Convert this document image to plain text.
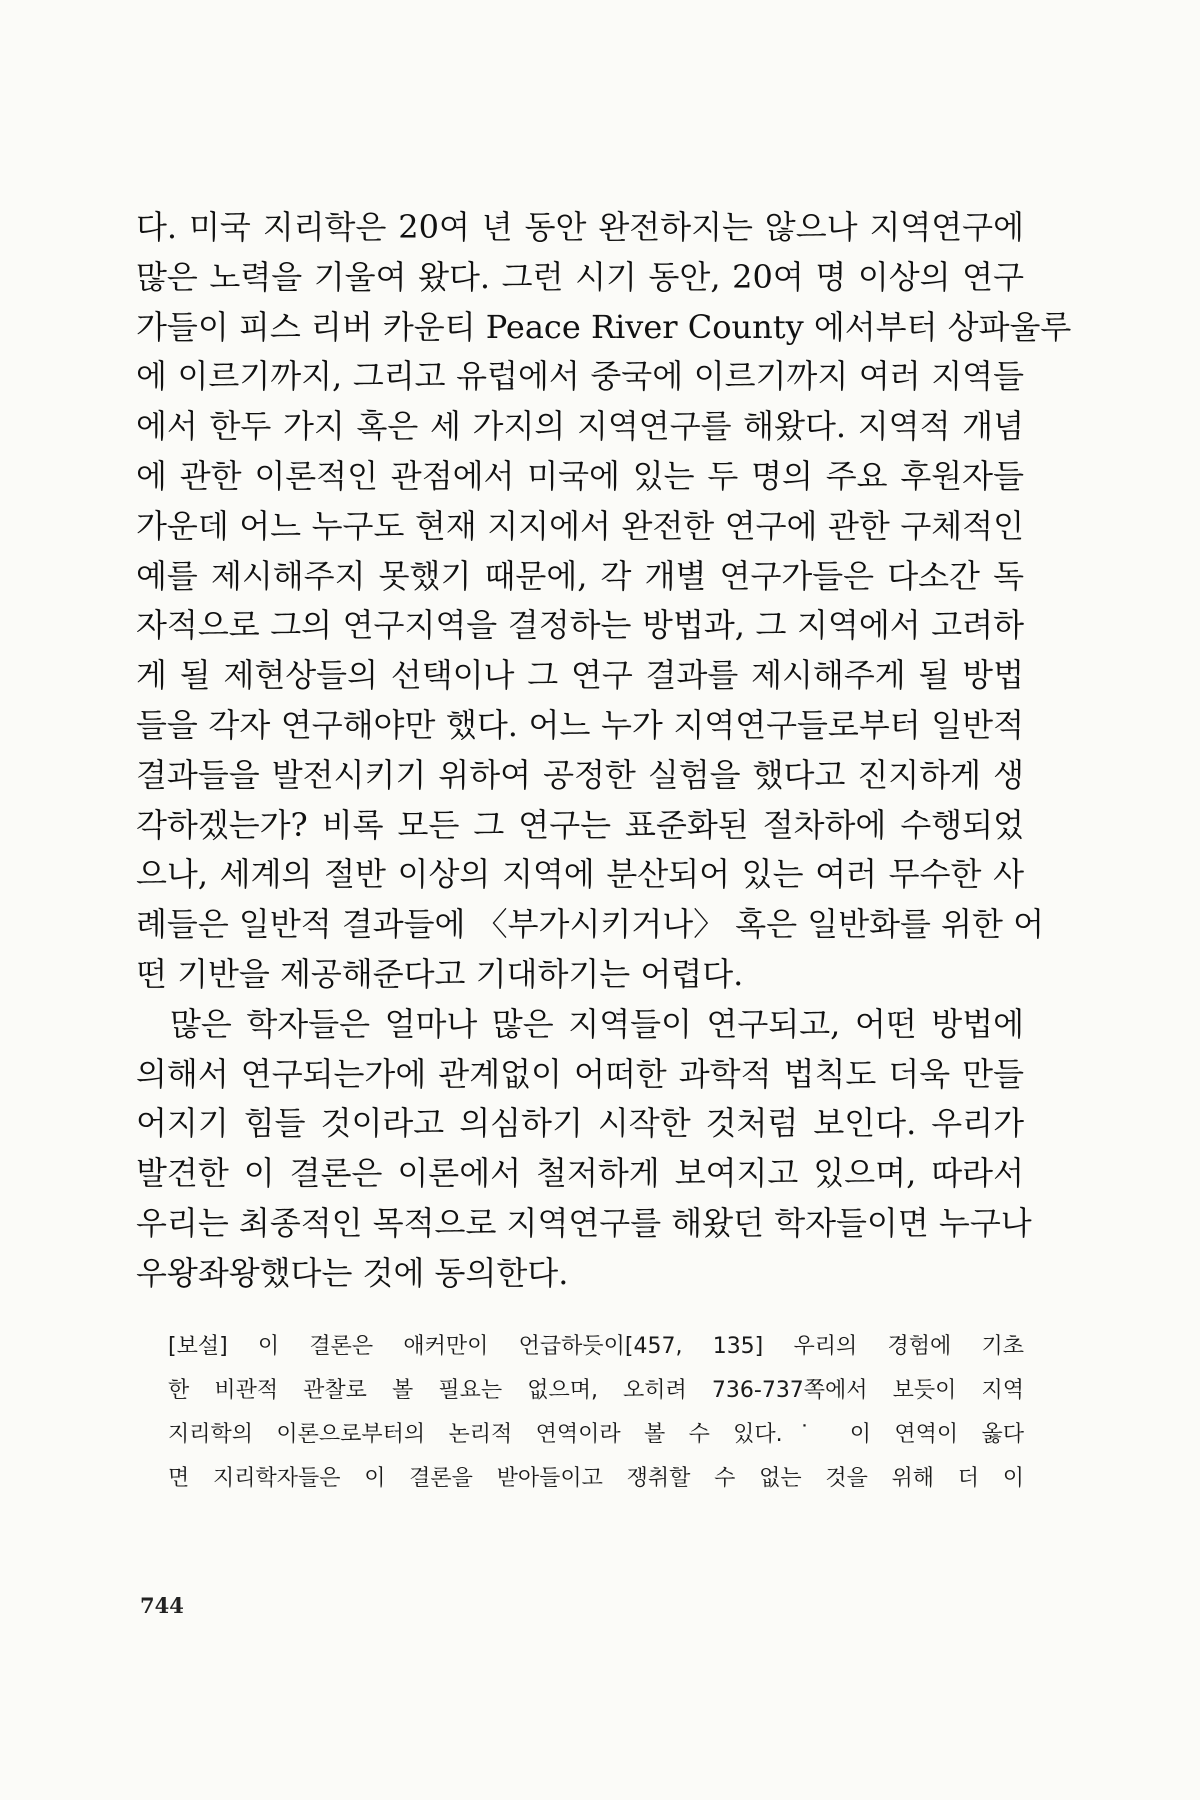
다. 미국 지리학은 20여 년 동안 완전하지는 않으나 지역연구에
많은 노력을 기울여 왔다. 그런 시기 동안, 20여 명 이상의 연구
가들이 피스 리버 카운티 Peace River County 에서부터 상파울루
에 이르기까지, 그리고 유럽에서 중국에 이르기까지 여러 지역들
에서 한두 가지 혹은 세 가지의 지역연구를 해왔다. 지역적 개념
에 관한 이론적인 관점에서 미국에 있는 두 명의 주요 후원자들
가운데 어느 누구도 현재 지지에서 완전한 연구에 관한 구체적인
예를 제시해주지 못했기 때문에, 각 개별 연구가들은 다소간 독
자적으로 그의 연구지역을 결정하는 방법과, 그 지역에서 고려하
게 될 제현상들의 선택이나 그 연구 결과를 제시해주게 될 방법
들을 각자 연구해야만 했다. 어느 누가 지역연구들로부터 일반적
결과들을 발전시키기 위하여 공정한 실험을 했다고 진지하게 생
각하겠는가? 비록 모든 그 연구는 표준화된 절차하에 수행되었
으나, 세계의 절반 이상의 지역에 분산되어 있는 여러 무수한 사
례들은 일반적 결과들에 〈부가시키거나〉 혹은 일반화를 위한 어
떤 기반을 제공해준다고 기대하기는 어렵다.
많은 학자들은 얼마나 많은 지역들이 연구되고, 어떤 방법에
의해서 연구되는가에 관계없이 어떠한 과학적 법칙도 더욱 만들
어지기 힘들 것이라고 의심하기 시작한 것처럼 보인다. 우리가
발견한 이 결론은 이론에서 철저하게 보여지고 있으며, 따라서
우리는 최종적인 목적으로 지역연구를 해왔던 학자들이면 누구나
우왕좌왕했다는 것에 동의한다.
[보설] 이 결론은 애커만이 언급하듯이[457, 135] 우리의 경험에 기초
한 비관적 관찰로 볼 필요는 없으며, 오히려 736-737쪽에서 보듯이 지역
지리학의 이론으로부터의 논리적 연역이라 볼 수 있다.˙ 이 연역이 옳다
면 지리학자들은 이 결론을 받아들이고 쟁취할 수 없는 것을 위해 더 이
744
